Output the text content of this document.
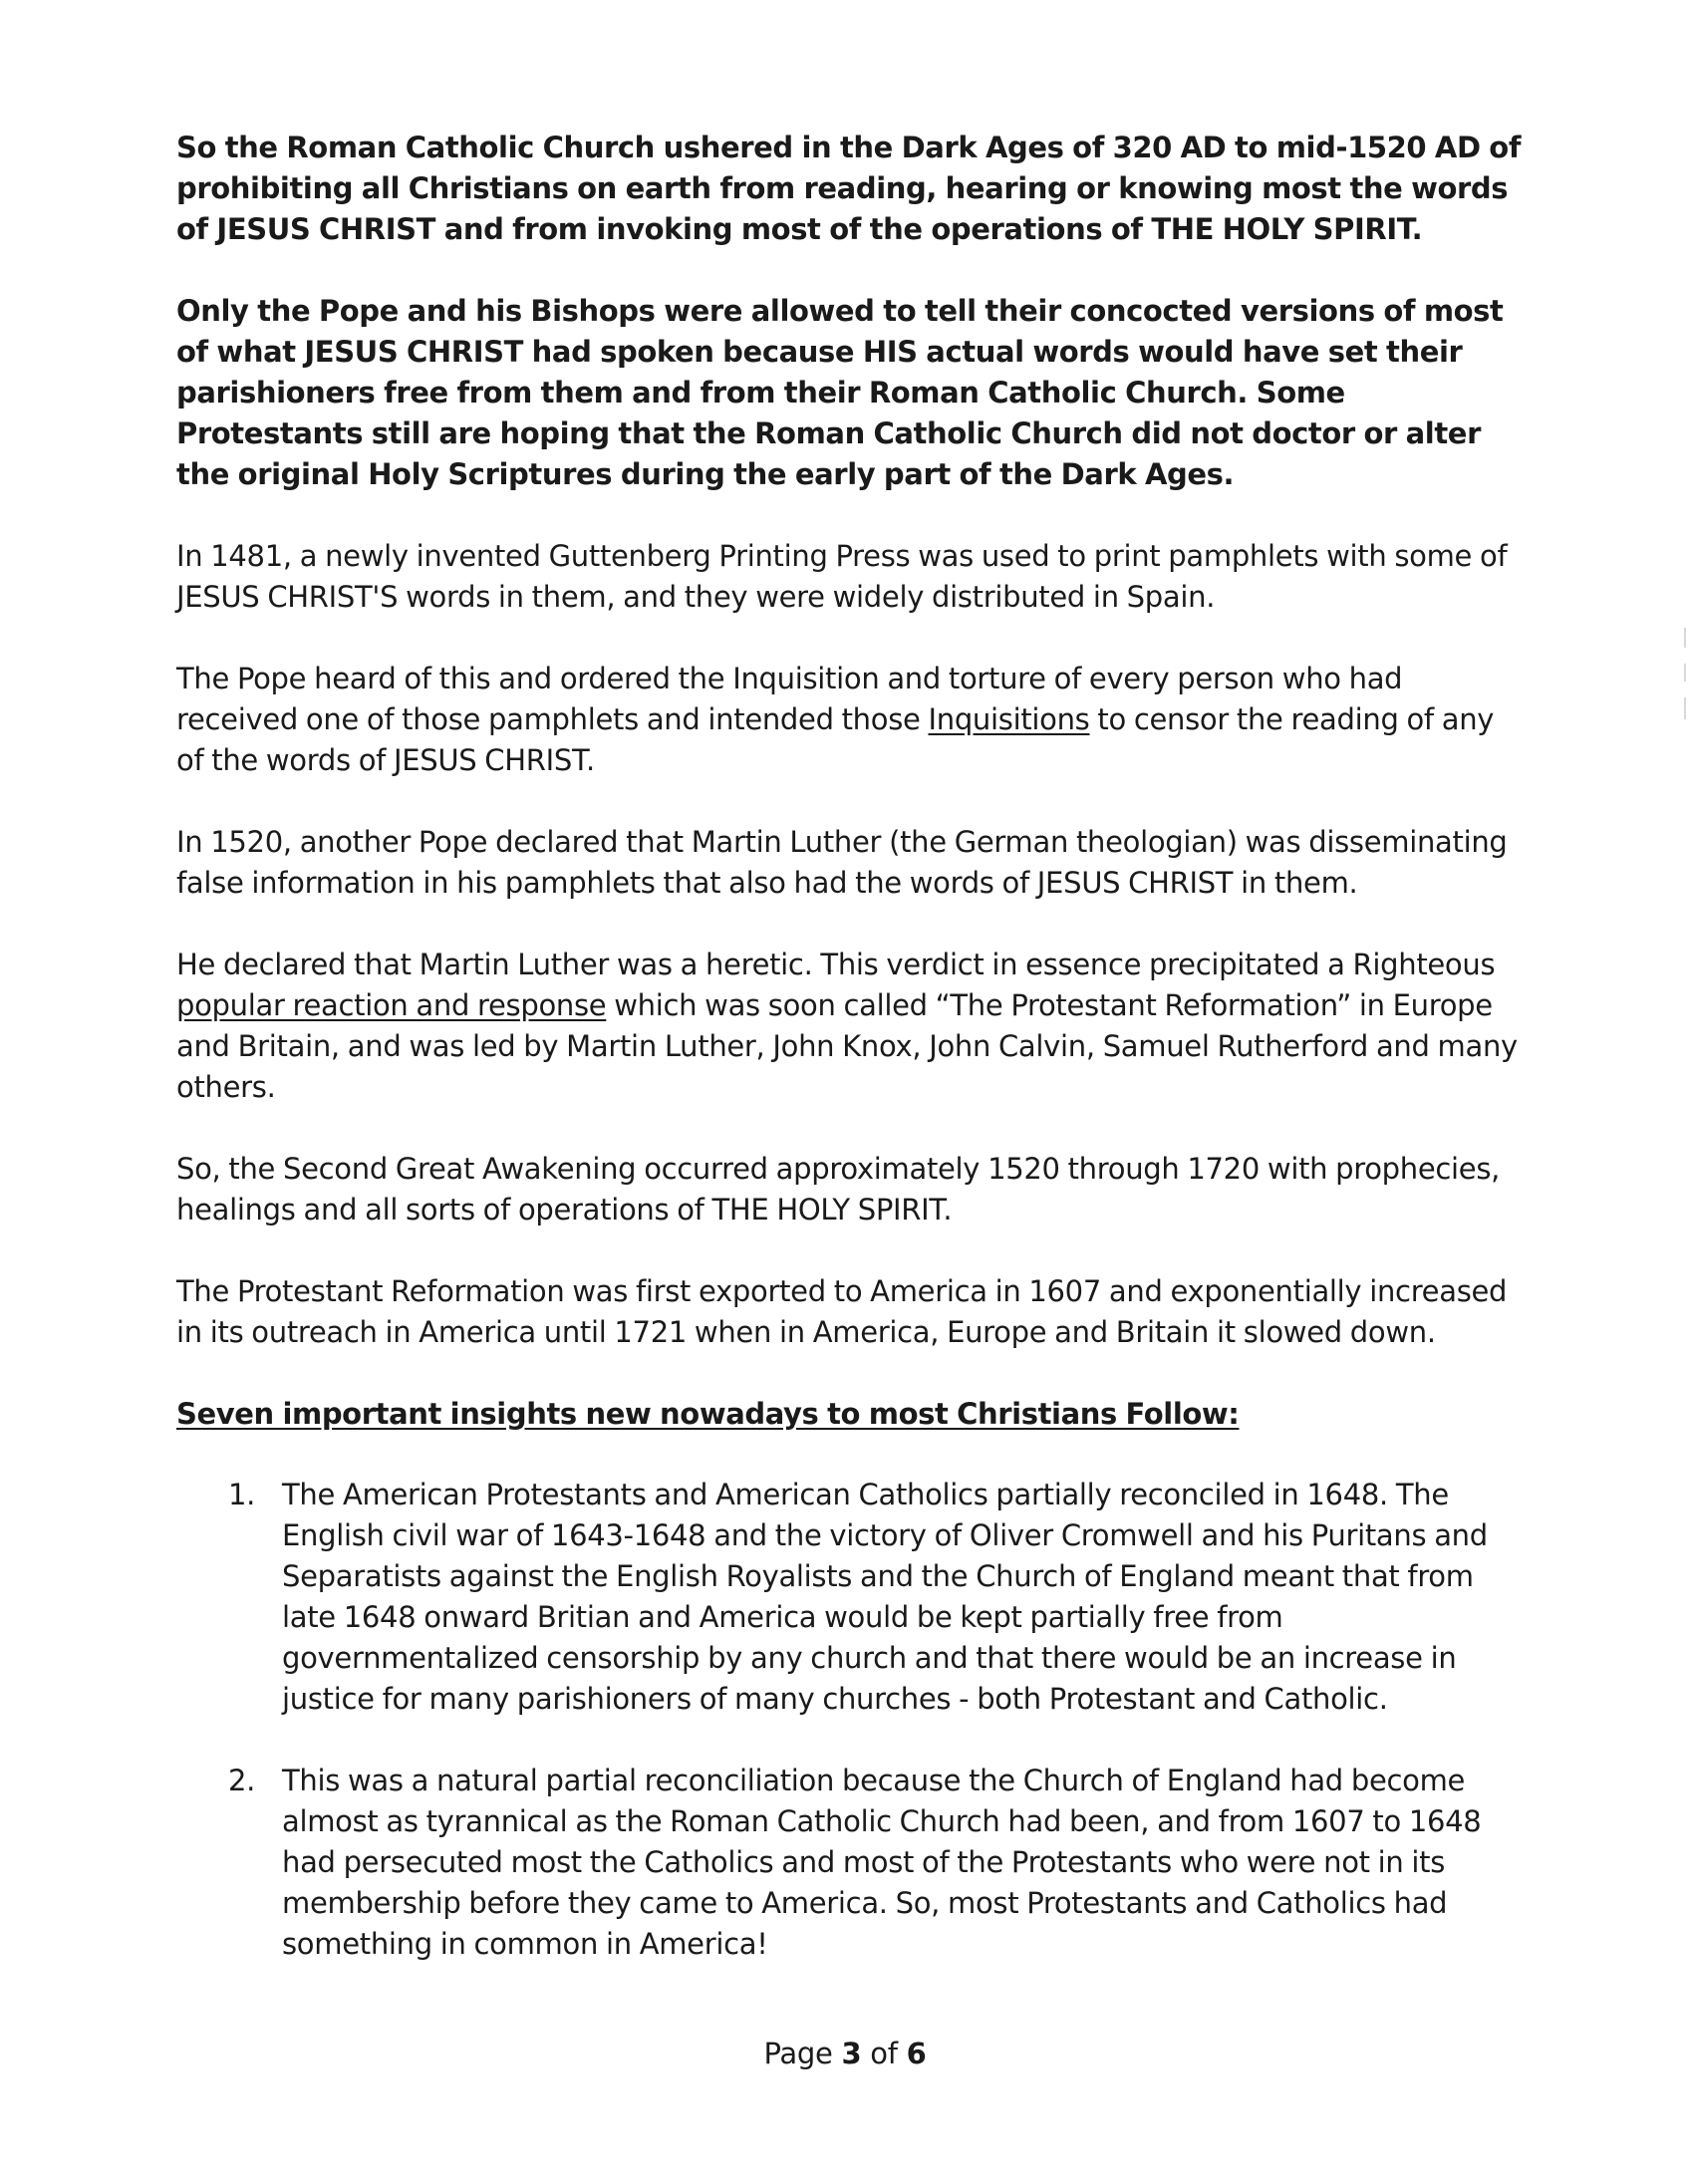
So the Roman Catholic Church ushered in the Dark Ages of 320 AD to mid-1520 AD of prohibiting all Christians on earth from reading, hearing or knowing most the words of JESUS CHRIST and from invoking most of the operations of THE HOLY SPIRIT.

Only the Pope and his Bishops were allowed to tell their concocted versions of most of what JESUS CHRIST had spoken because HIS actual words would have set their parishioners free from them and from their Roman Catholic Church. Some Protestants still are hoping that the Roman Catholic Church did not doctor or alter the original Holy Scriptures during the early part of the Dark Ages.

In 1481, a newly invented Guttenberg Printing Press was used to print pamphlets with some of JESUS CHRIST'S words in them, and they were widely distributed in Spain.

The Pope heard of this and ordered the Inquisition and torture of every person who had received one of those pamphlets and intended those Inquisitions to censor the reading of any of the words of JESUS CHRIST.

In 1520, another Pope declared that Martin Luther (the German theologian) was disseminating false information in his pamphlets that also had the words of JESUS CHRIST in them.

He declared that Martin Luther was a heretic. This verdict in essence precipitated a Righteous popular reaction and response which was soon called “The Protestant Reformation” in Europe and Britain, and was led by Martin Luther, John Knox, John Calvin, Samuel Rutherford and many others.

So, the Second Great Awakening occurred approximately 1520 through 1720 with prophecies, healings and all sorts of operations of THE HOLY SPIRIT.

The Protestant Reformation was first exported to America in 1607 and exponentially increased in its outreach in America until 1721 when in America, Europe and Britain it slowed down.

Seven important insights new nowadays to most Christians Follow:

1. The American Protestants and American Catholics partially reconciled in 1648. The English civil war of 1643-1648 and the victory of Oliver Cromwell and his Puritans and Separatists against the English Royalists and the Church of England meant that from late 1648 onward Britian and America would be kept partially free from governmentalized censorship by any church and that there would be an increase in justice for many parishioners of many churches - both Protestant and Catholic.
2. This was a natural partial reconciliation because the Church of England had become almost as tyrannical as the Roman Catholic Church had been, and from 1607 to 1648 had persecuted most the Catholics and most of the Protestants who were not in its membership before they came to America. So, most Protestants and Catholics had something in common in America!
Page 3 of 6
